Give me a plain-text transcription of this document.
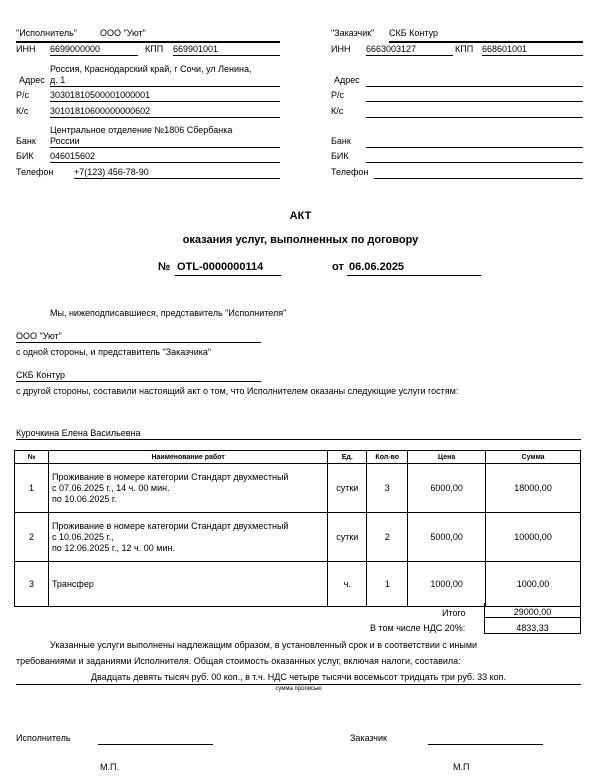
"Исполнитель"	ООО "Уют"
ИНН 6699000000	КПП 669901001
Россия, Краснодарский край, г Сочи, ул Ленина,
Адрес д. 1
Р/с 30301810500001000001
К/с 30101810600000000602
Центральное отделение №1806 Сбербанка
Банк России
БИК 046015602
Телефон +7(123) 456-78-90
"Заказчик" СКБ Контур
ИНН 6663003127	КПП 668601001
Адрес
Р/с
К/с
Банк
БИК
Телефон
АКТ
оказания услуг, выполненных по договору
№ OTL-0000000114	от 06.06.2025
Мы, нижеподписавшиеся, представитель "Исполнителя"
ООО "Уют"
с одной стороны, и представитель "Заказчика"
СКБ Контур
с другой стороны, составили настоящий акт о том, что Исполнителем оказаны следующие услуги гостям:
Курочкина Елена Васильевна
№	Наименование работ	Ед.	Кол-во	Цена	Сумма
1	Проживание в номере категории Стандарт двухместный
с 07.06.2025 г., 14 ч. 00 мин.
по 10.06.2025 г.	сутки	3	6000,00	18000,00
2	Проживание в номере категории Стандарт двухместный
с 10.06.2025 г.,
по 12.06.2025 г., 12 ч. 00 мин.	сутки	2	5000,00	10000,00
3	Трансфер	ч.	1	1000,00	1000,00
Итого	29000,00
В том числе НДС 20%:	4833,33
Указанные услуги выполнены надлежащим образом, в установленный срок и в соответствии с иными
требованиями и заданиями Исполнителя. Общая стоимость оказанных услуг, включая налоги, составила:
Двадцать девять тысяч руб. 00 коп., в т.ч. НДС четыре тысячи восемьсот тридцать три руб. 33 коп.
сумма прописью
Исполнитель	Заказчик
М.П.	М.П
